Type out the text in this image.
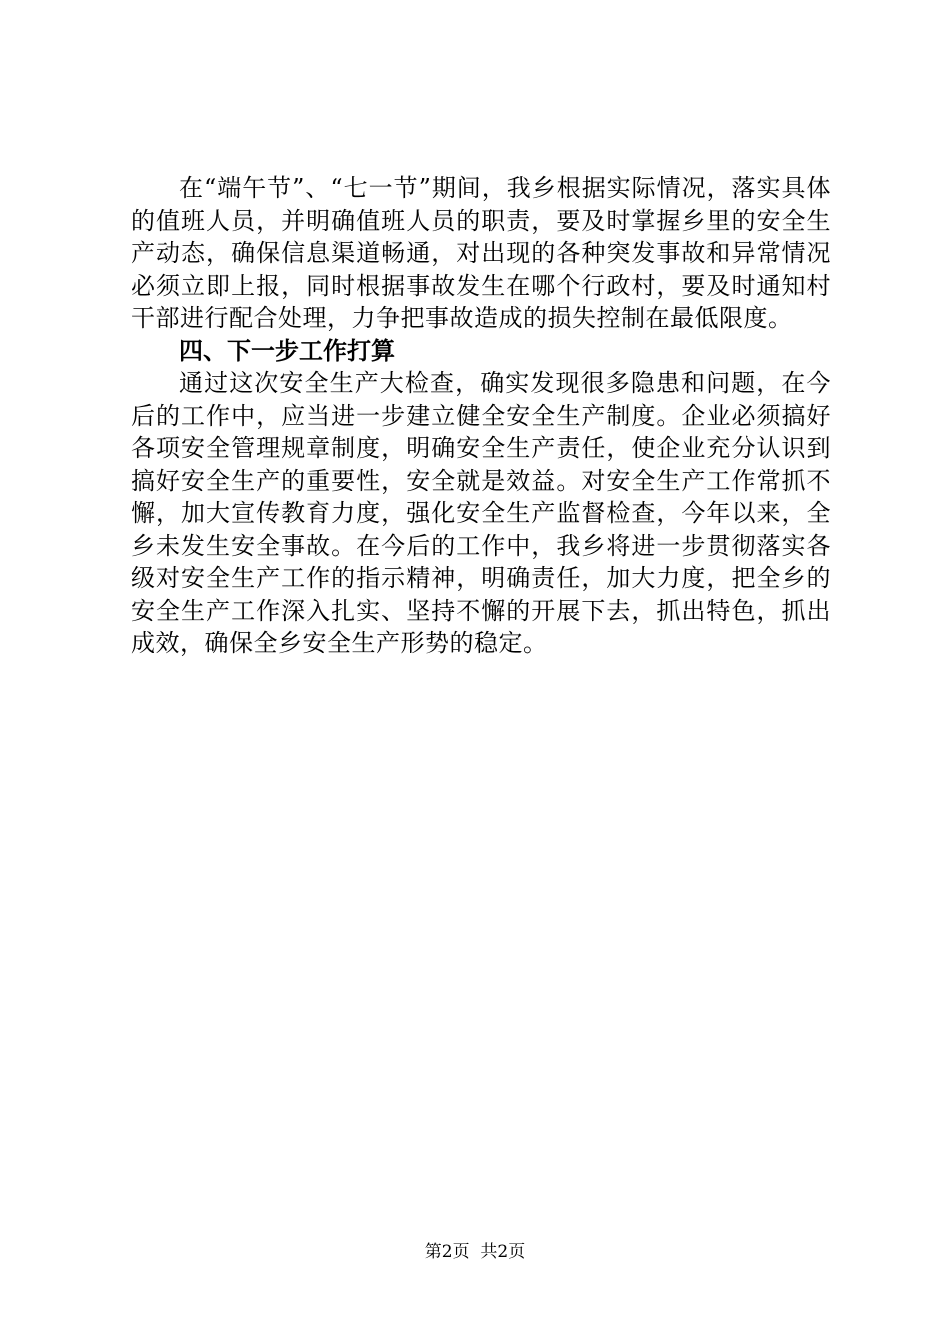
在“端午节”、“七一节”期间，我乡根据实际情况，落实具体的值班人员，并明确值班人员的职责，要及时掌握乡里的安全生产动态，确保信息渠道畅通，对出现的各种突发事故和异常情况必须立即上报，同时根据事故发生在哪个行政村，要及时通知村干部进行配合处理，力争把事故造成的损失控制在最低限度。

四、下一步工作打算

通过这次安全生产大检查，确实发现很多隐患和问题，在今后的工作中，应当进一步建立健全安全生产制度。企业必须搞好各项安全管理规章制度，明确安全生产责任，使企业充分认识到搞好安全生产的重要性，安全就是效益。对安全生产工作常抓不懈，加大宣传教育力度，强化安全生产监督检查，今年以来，全乡未发生安全事故。在今后的工作中，我乡将进一步贯彻落实各级对安全生产工作的指示精神，明确责任，加大力度，把全乡的安全生产工作深入扎实、坚持不懈的开展下去，抓出特色，抓出成效，确保全乡安全生产形势的稳定。

第2页 共2页
